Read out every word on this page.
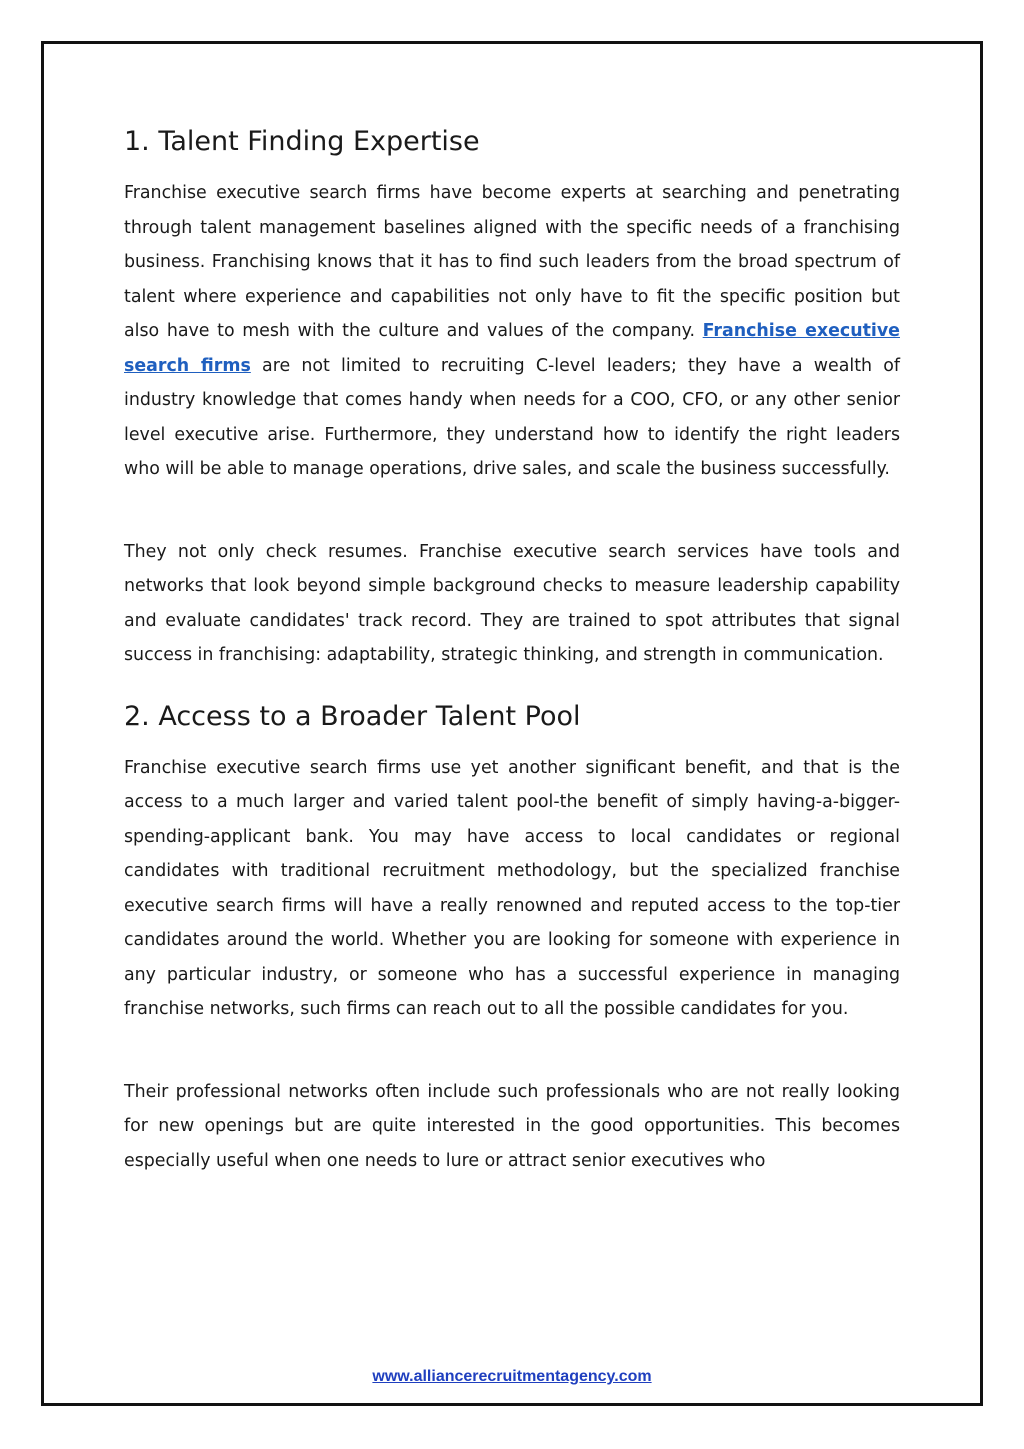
1. Talent Finding Expertise

Franchise executive search firms have become experts at searching and penetrating through talent management baselines aligned with the specific needs of a franchising business. Franchising knows that it has to find such leaders from the broad spectrum of talent where experience and capabilities not only have to fit the specific position but also have to mesh with the culture and values of the company. Franchise executive search firms are not limited to recruiting C-level leaders; they have a wealth of industry knowledge that comes handy when needs for a COO, CFO, or any other senior level executive arise. Furthermore, they understand how to identify the right leaders who will be able to manage operations, drive sales, and scale the business successfully.

They not only check resumes. Franchise executive search services have tools and networks that look beyond simple background checks to measure leadership capability and evaluate candidates' track record. They are trained to spot attributes that signal success in franchising: adaptability, strategic thinking, and strength in communication.

2. Access to a Broader Talent Pool

Franchise executive search firms use yet another significant benefit, and that is the access to a much larger and varied talent pool-the benefit of simply having-a-bigger-spending-applicant bank. You may have access to local candidates or regional candidates with traditional recruitment methodology, but the specialized franchise executive search firms will have a really renowned and reputed access to the top-tier candidates around the world. Whether you are looking for someone with experience in any particular industry, or someone who has a successful experience in managing franchise networks, such firms can reach out to all the possible candidates for you.

Their professional networks often include such professionals who are not really looking for new openings but are quite interested in the good opportunities. This becomes especially useful when one needs to lure or attract senior executives who

www.alliancerecruitmentagency.com
